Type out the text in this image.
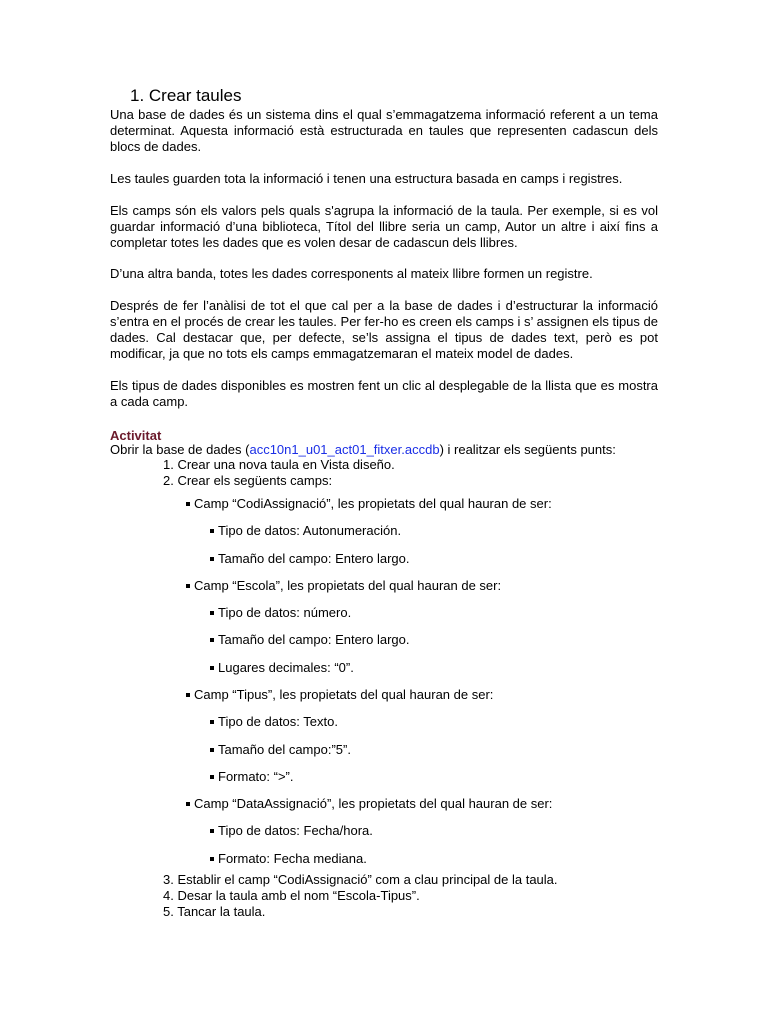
1. Crear taules

Una base de dades és un sistema dins el qual s’emmagatzema informació referent a un tema determinat. Aquesta informació està estructurada en taules que representen cadascun dels blocs de dades.

Les taules guarden tota la informació i tenen una estructura basada en camps i registres.

Els camps són els valors pels quals s'agrupa la informació de la taula. Per exemple, si es vol guardar informació d’una biblioteca, Títol del llibre seria un camp, Autor un altre i així fins a completar totes les dades que es volen desar de cadascun dels llibres.

D’una altra banda, totes les dades corresponents al mateix llibre formen un registre.

Després de fer l’anàlisi de tot el que cal per a la base de dades i d’estructurar la informació s’entra en el procés de crear les taules. Per fer-ho es creen els camps i s’ assignen els tipus de dades. Cal destacar que, per defecte, se’ls assigna el tipus de dades text, però es pot modificar, ja que no tots els camps emmagatzemaran el mateix model de dades.

Els tipus de dades disponibles es mostren fent un clic al desplegable de la llista que es mostra a cada camp.

Activitat

Obrir la base de dades (acc10n1_u01_act01_fitxer.accdb) i realitzar els següents punts:

1. Crear una nova taula en Vista diseño.

2. Crear els següents camps:

Camp “CodiAssignació”, les propietats del qual hauran de ser:

Tipo de datos: Autonumeración.

Tamaño del campo: Entero largo.

Camp “Escola”, les propietats del qual hauran de ser:

Tipo de datos: número.

Tamaño del campo: Entero largo.

Lugares decimales: “0”.

Camp “Tipus”, les propietats del qual hauran de ser:

Tipo de datos: Texto.

Tamaño del campo:”5”.

Formato: “>”.

Camp “DataAssignació”, les propietats del qual hauran de ser:

Tipo de datos: Fecha/hora.

Formato: Fecha mediana.

3. Establir el camp “CodiAssignació” com a clau principal de la taula.

4. Desar la taula amb el nom “Escola-Tipus”.

5. Tancar la taula.
